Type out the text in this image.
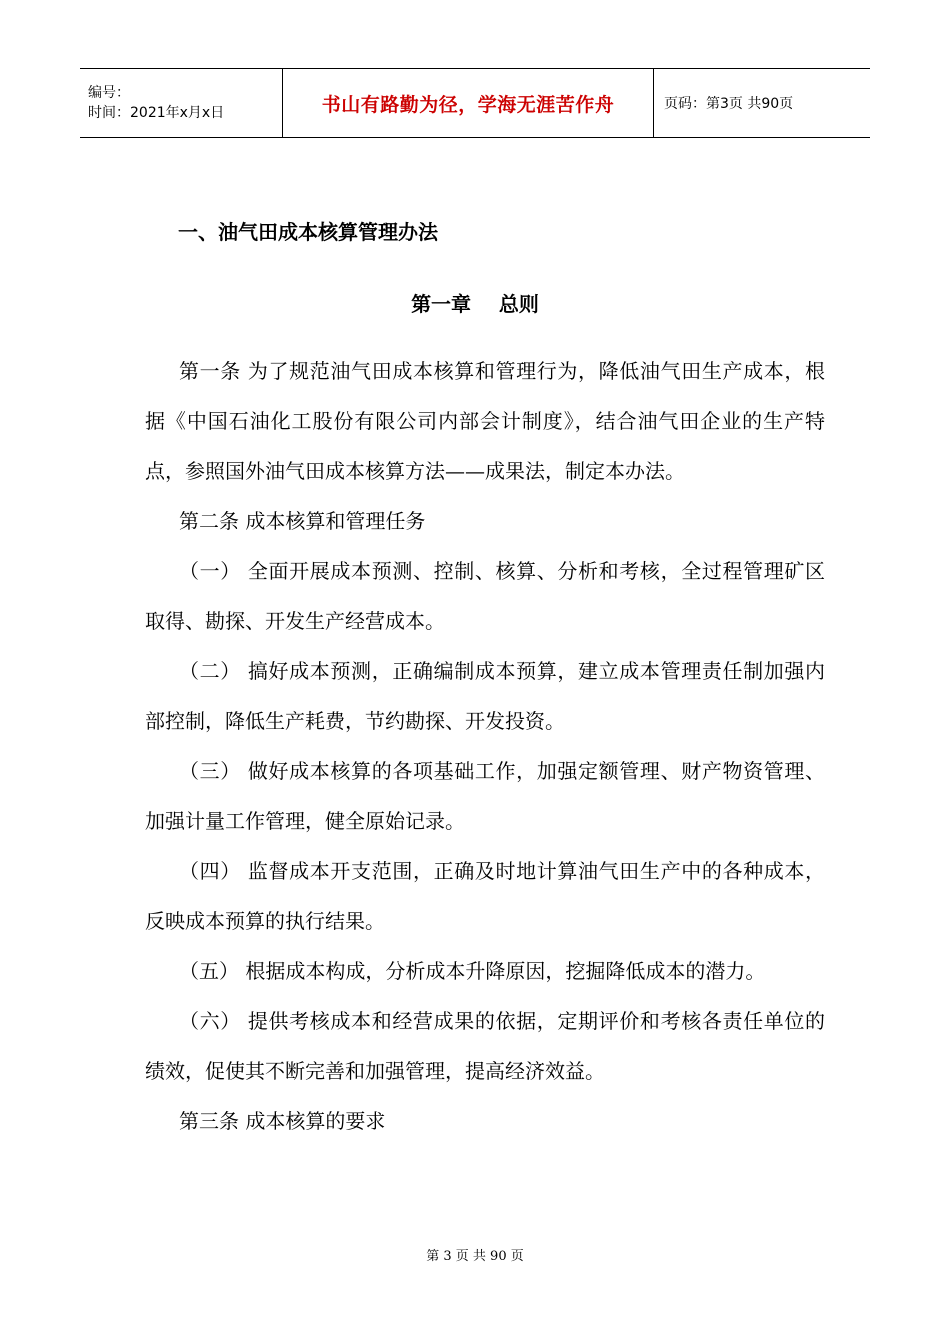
编号：
时间：2021年x月x日	书山有路勤为径，学海无涯苦作舟	页码：第3页 共90页
一、油气田成本核算管理办法
第一章    总则

第一条 为了规范油气田成本核算和管理行为，降低油气田生产成本，根据《中国石油化工股份有限公司内部会计制度》，结合油气田企业的生产特点，参照国外油气田成本核算方法——成果法，制定本办法。

第二条 成本核算和管理任务

（一） 全面开展成本预测、控制、核算、分析和考核，全过程管理矿区取得、勘探、开发生产经营成本。

（二） 搞好成本预测，正确编制成本预算，建立成本管理责任制加强内部控制，降低生产耗费，节约勘探、开发投资。

（三） 做好成本核算的各项基础工作，加强定额管理、财产物资管理、加强计量工作管理，健全原始记录。

（四） 监督成本开支范围，正确及时地计算油气田生产中的各种成本，反映成本预算的执行结果。

（五） 根据成本构成，分析成本升降原因，挖掘降低成本的潜力。

（六） 提供考核成本和经营成果的依据，定期评价和考核各责任单位的绩效，促使其不断完善和加强管理，提高经济效益。

第三条 成本核算的要求

第 3 页 共 90 页
